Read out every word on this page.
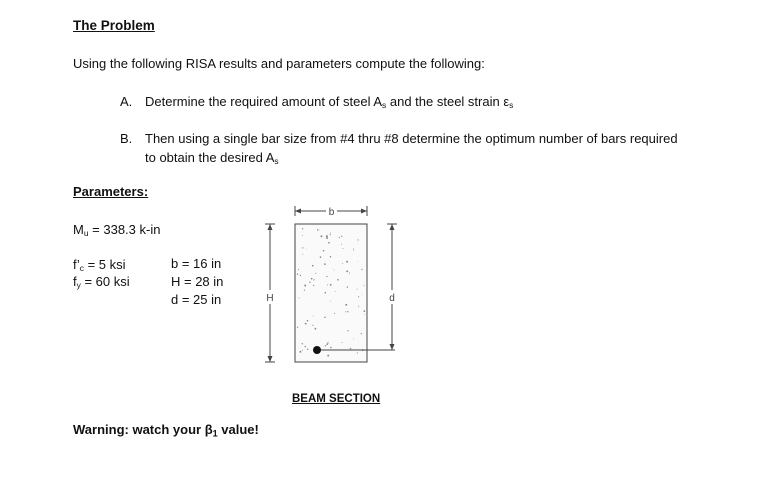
The Problem
Using the following RISA results and parameters compute the following:
A. Determine the required amount of steel $A_s$ and the steel strain $\varepsilon_s$
B. Then using a single bar size from #4 thru #8 determine the optimum number of bars required
to obtain the desired $A_s$
Parameters:
$M_u = 338.3$ k-in
$f’_c = 5$ ksi
$f_y = 60$ ksi
b = 16 in
H = 28 in
d = 25 in
b
H	d
BEAM SECTION
Warning: watch your $\beta_1$ value!
